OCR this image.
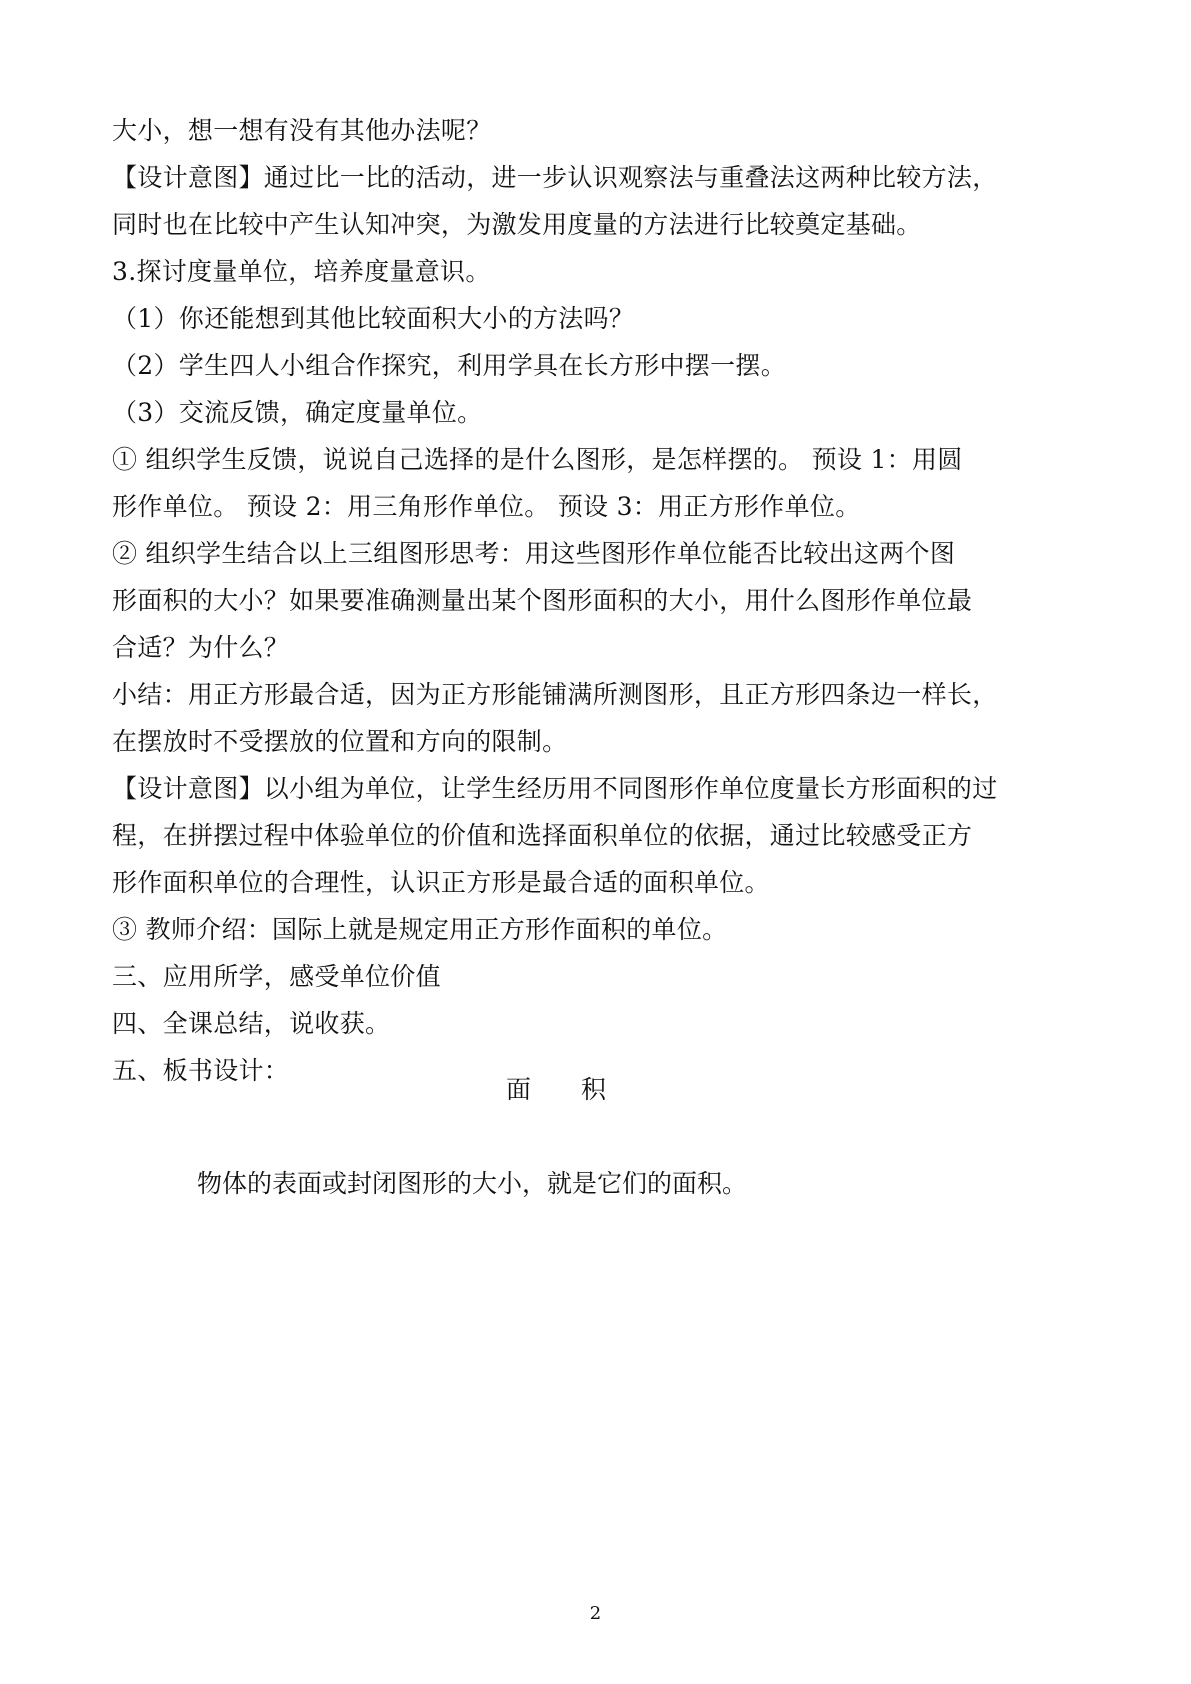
大小，想一想有没有其他办法呢？
【设计意图】通过比一比的活动，进一步认识观察法与重叠法这两种比较方法，
同时也在比较中产生认知冲突，为激发用度量的方法进行比较奠定基础。
3.探讨度量单位，培养度量意识。
（1）你还能想到其他比较面积大小的方法吗？
（2）学生四人小组合作探究，利用学具在长方形中摆一摆。
（3）交流反馈，确定度量单位。
① 组织学生反馈，说说自己选择的是什么图形，是怎样摆的。 预设 1：用圆
形作单位。 预设 2：用三角形作单位。 预设 3：用正方形作单位。
② 组织学生结合以上三组图形思考：用这些图形作单位能否比较出这两个图
形面积的大小？如果要准确测量出某个图形面积的大小，用什么图形作单位最
合适？为什么？
小结：用正方形最合适，因为正方形能铺满所测图形，且正方形四条边一样长，
在摆放时不受摆放的位置和方向的限制。
【设计意图】以小组为单位，让学生经历用不同图形作单位度量长方形面积的过
程，在拼摆过程中体验单位的价值和选择面积单位的依据，通过比较感受正方
形作面积单位的合理性，认识正方形是最合适的面积单位。
③ 教师介绍：国际上就是规定用正方形作面积的单位。
三、应用所学，感受单位价值
四、全课总结，说收获。
五、板书设计：
面积
物体的表面或封闭图形的大小，就是它们的面积。
2
